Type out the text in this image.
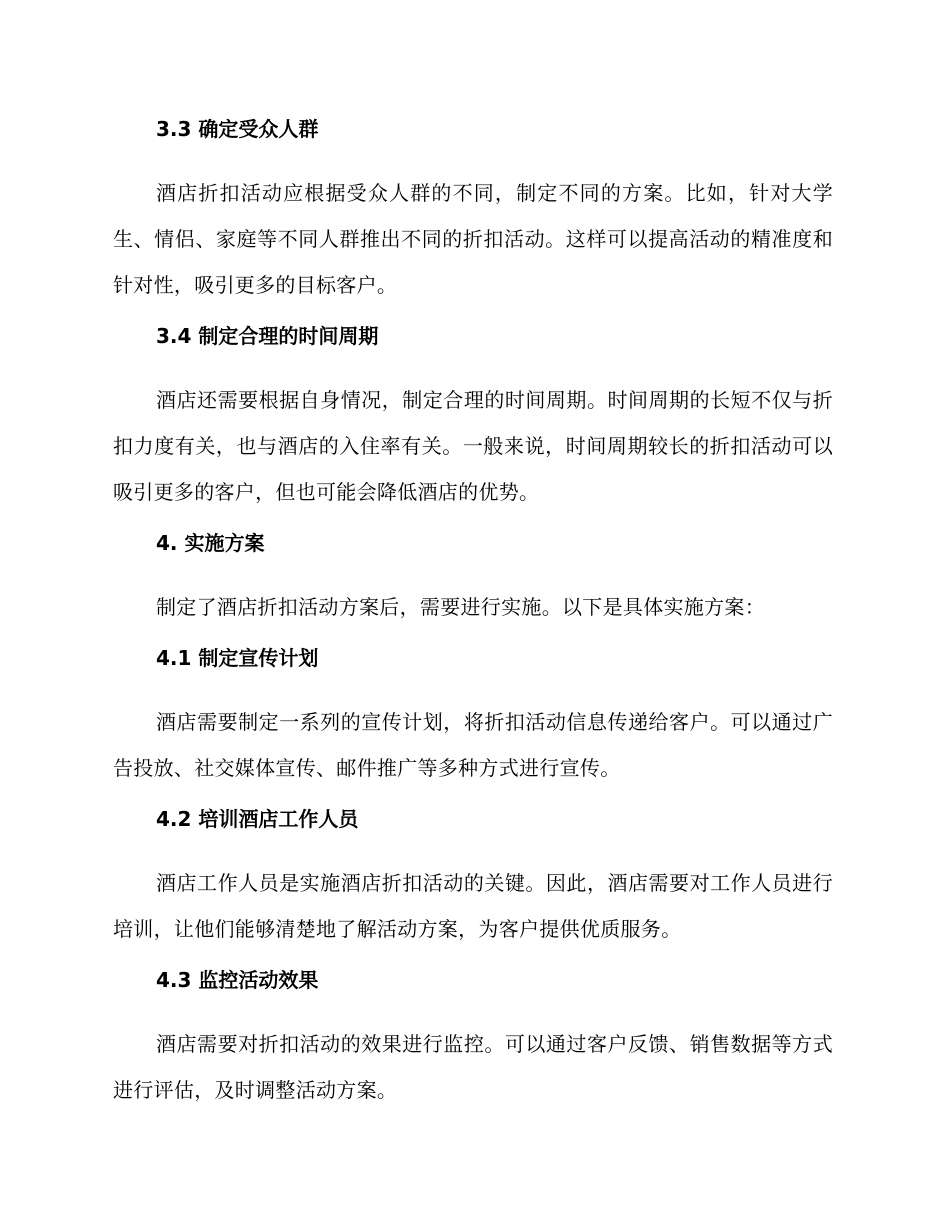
3.3 确定受众人群

酒店折扣活动应根据受众人群的不同，制定不同的方案。比如，针对大学生、情侣、家庭等不同人群推出不同的折扣活动。这样可以提高活动的精准度和针对性，吸引更多的目标客户。

3.4 制定合理的时间周期

酒店还需要根据自身情况，制定合理的时间周期。时间周期的长短不仅与折扣力度有关，也与酒店的入住率有关。一般来说，时间周期较长的折扣活动可以吸引更多的客户，但也可能会降低酒店的优势。

4. 实施方案

制定了酒店折扣活动方案后，需要进行实施。以下是具体实施方案：

4.1 制定宣传计划

酒店需要制定一系列的宣传计划，将折扣活动信息传递给客户。可以通过广告投放、社交媒体宣传、邮件推广等多种方式进行宣传。

4.2 培训酒店工作人员

酒店工作人员是实施酒店折扣活动的关键。因此，酒店需要对工作人员进行培训，让他们能够清楚地了解活动方案，为客户提供优质服务。

4.3 监控活动效果

酒店需要对折扣活动的效果进行监控。可以通过客户反馈、销售数据等方式进行评估，及时调整活动方案。
